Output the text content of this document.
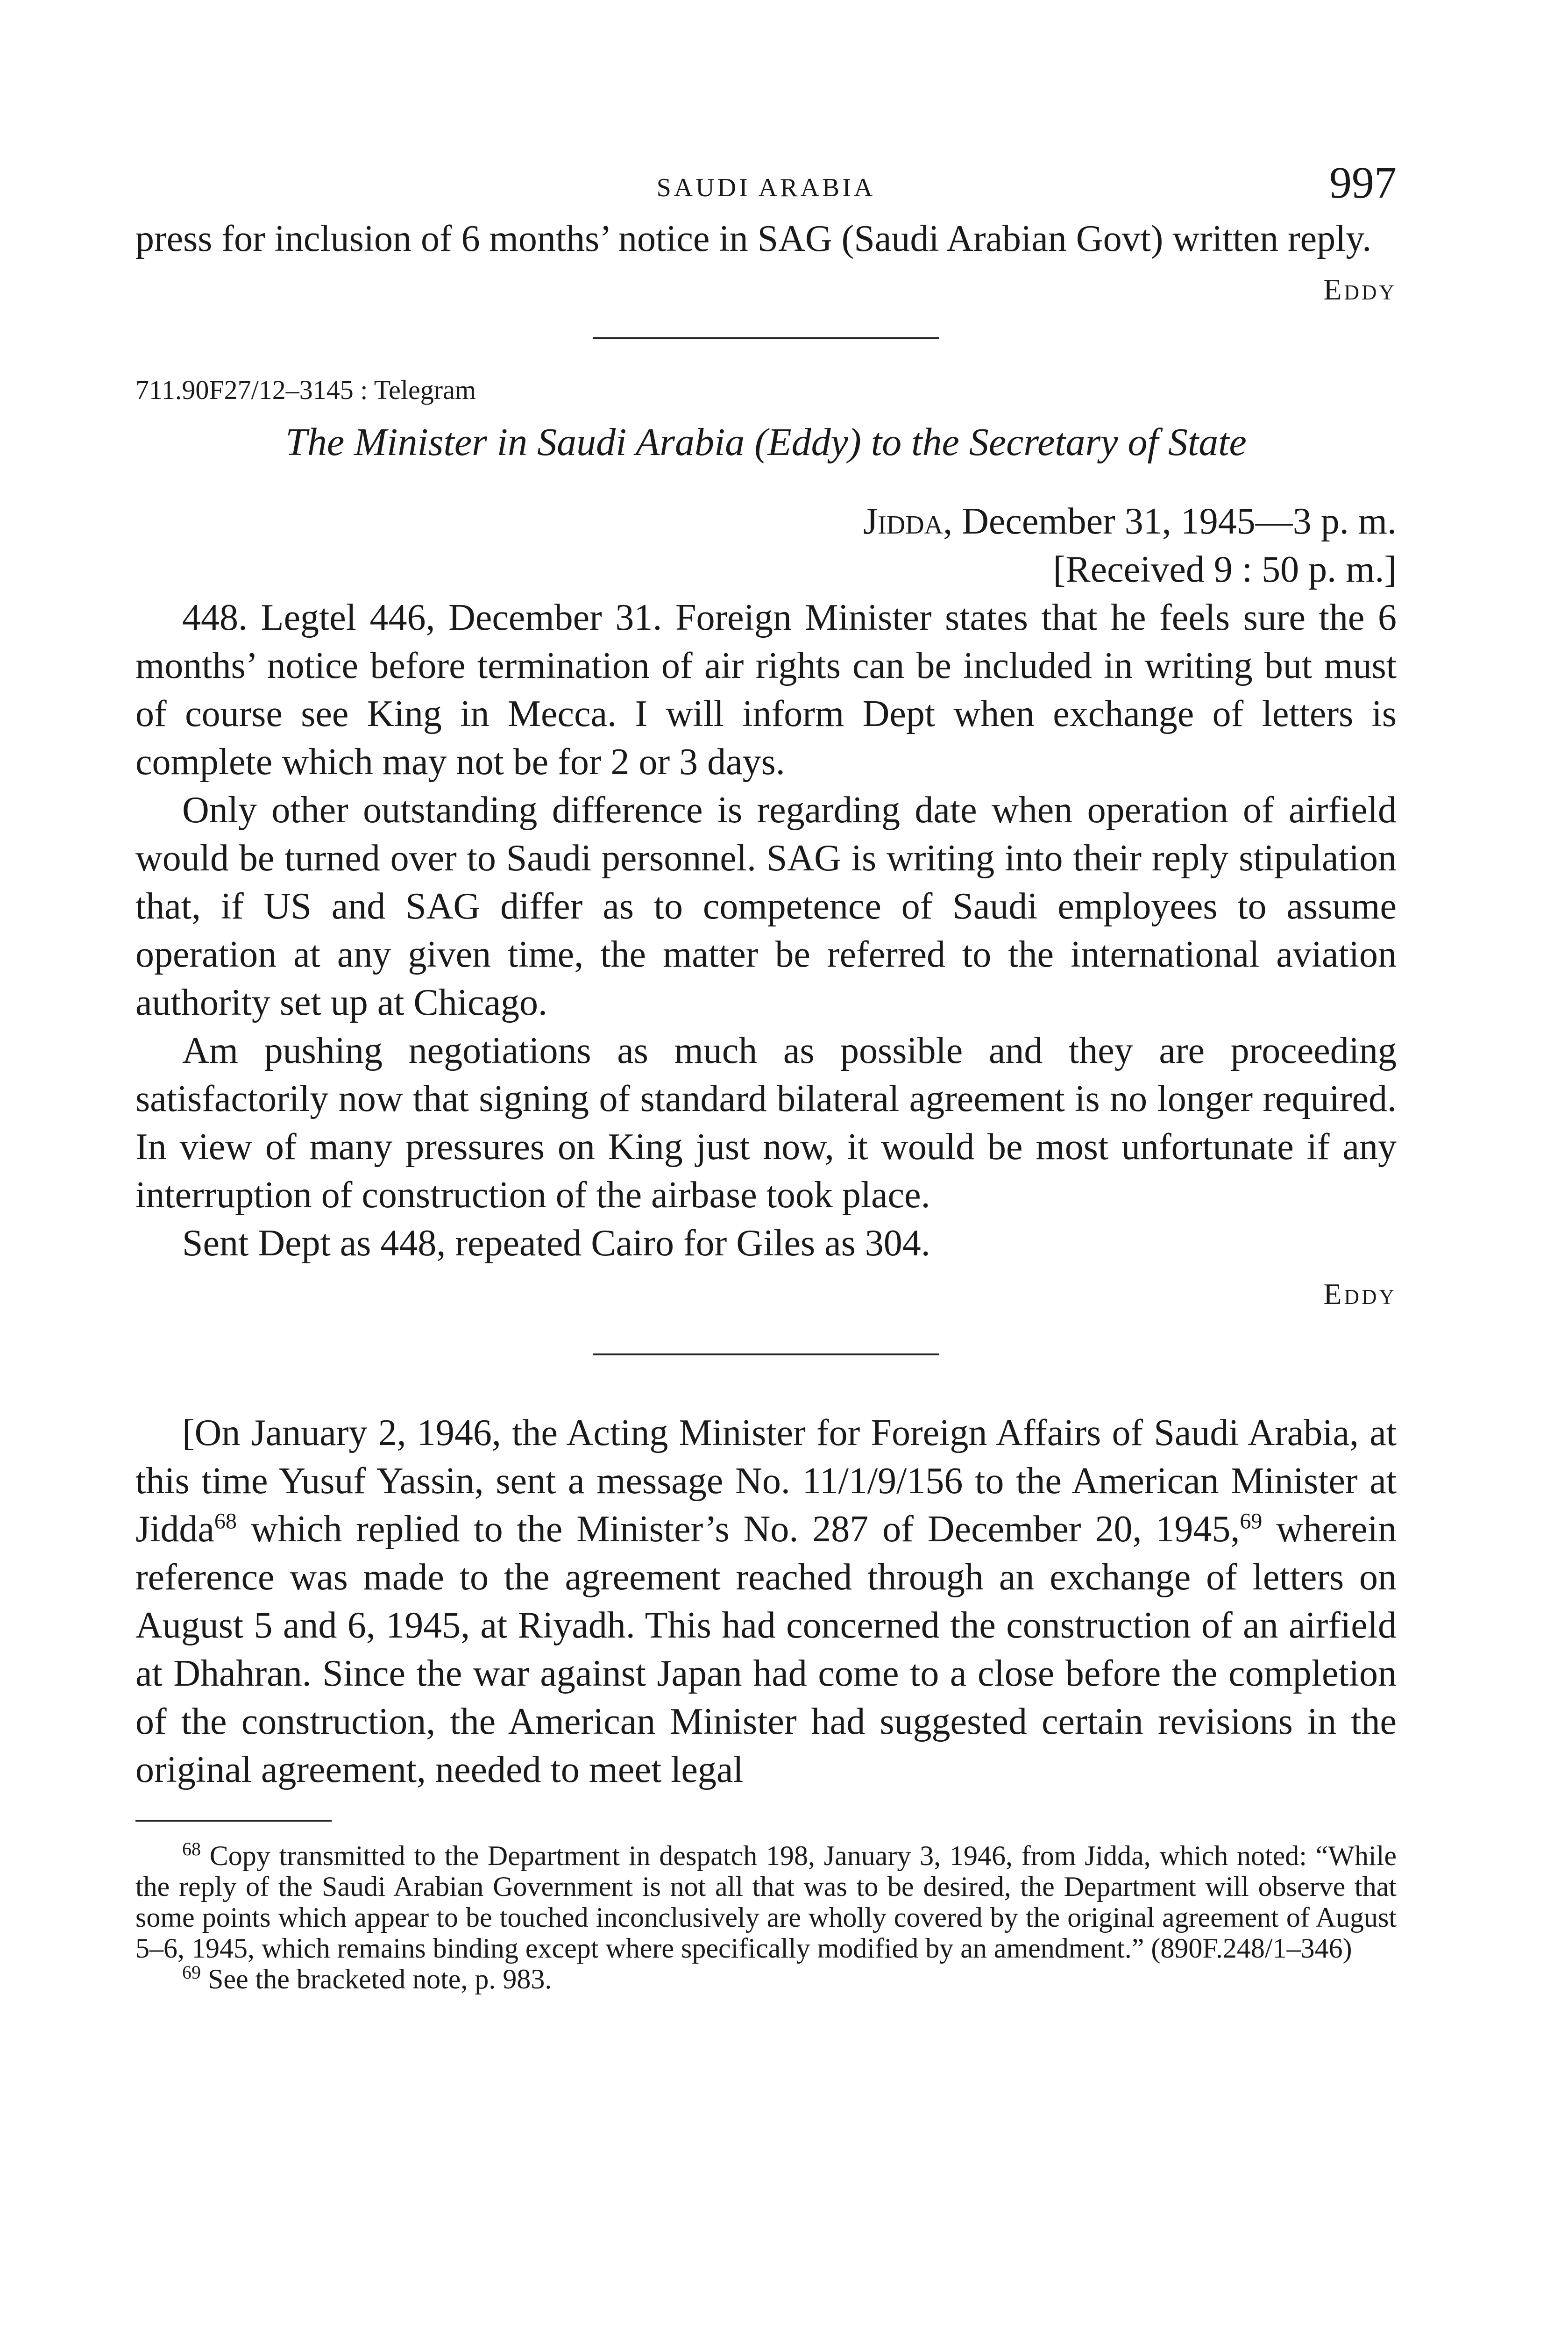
SAUDI ARABIA	997

press for inclusion of 6 months’ notice in SAG (Saudi Arabian Govt) written reply.

Eddy

711.90F27/12–3145 : Telegram

The Minister in Saudi Arabia (Eddy) to the Secretary of State

Jidda, December 31, 1945—3 p. m.

[Received 9 : 50 p. m.]

448. Legtel 446, December 31. Foreign Minister states that he feels sure the 6 months’ notice before termination of air rights can be included in writing but must of course see King in Mecca. I will inform Dept when exchange of letters is complete which may not be for 2 or 3 days.

Only other outstanding difference is regarding date when operation of airfield would be turned over to Saudi personnel. SAG is writing into their reply stipulation that, if US and SAG differ as to competence of Saudi employees to assume operation at any given time, the matter be referred to the international aviation authority set up at Chicago.

Am pushing negotiations as much as possible and they are proceeding satisfactorily now that signing of standard bilateral agreement is no longer required. In view of many pressures on King just now, it would be most unfortunate if any interruption of construction of the airbase took place.

Sent Dept as 448, repeated Cairo for Giles as 304.

Eddy

[On January 2, 1946, the Acting Minister for Foreign Affairs of Saudi Arabia, at this time Yusuf Yassin, sent a message No. 11/1/9/156 to the American Minister at Jidda$^{68}$ which replied to the Minister’s No. 287 of December 20, 1945,69 wherein reference was made to the agreement reached through an exchange of letters on August 5 and 6, 1945, at Riyadh. This had concerned the construction of an airfield at Dhahran. Since the war against Japan had come to a close before the completion of the construction, the American Minister had suggested certain revisions in the original agreement, needed to meet legal

$^{68}$ Copy transmitted to the Department in despatch 198, January 3, 1946, from Jidda, which noted: “While the reply of the Saudi Arabian Government is not all that was to be desired, the Department will observe that some points which appear to be touched inconclusively are wholly covered by the original agreement of August 5–6, 1945, which remains binding except where specifically modified by an amendment.” (890F.248/1–346)

$^{69}$ See the bracketed note, p. 983.
